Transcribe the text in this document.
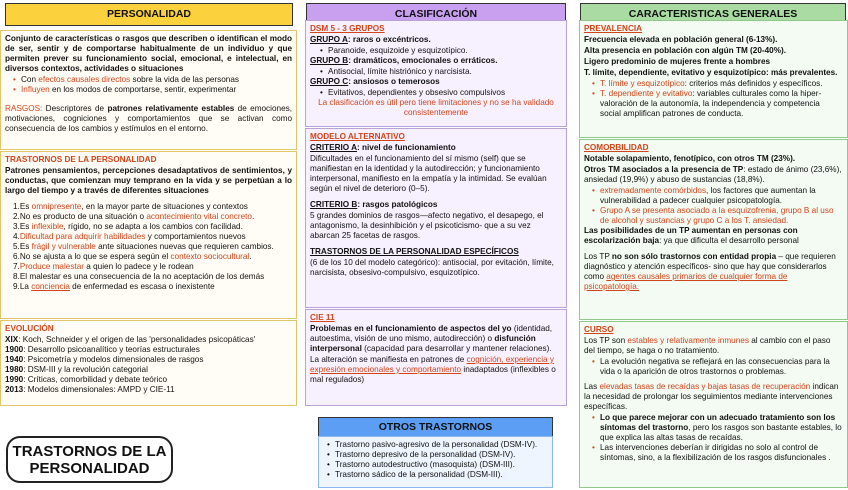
PERSONALIDAD

Conjunto de características o rasgos que describen o identifican el modo de ser, sentir y de comportarse habitualmente de un individuo y que permiten prever su funcionamiento social, emocional, e intelectual, en diversos contextos, actividades o situaciones

• Con efectos causales directos sobre la vida de las personas
• Influyen en los modos de comportarse, sentir, experimentar

RASGOS: Descriptores de patrones relativamente estables de emociones, motivaciones, cogniciones y comportamientos que se activan como consecuencia de los cambios y estímulos en el entorno.

TRASTORNOS DE LA PERSONALIDAD

Patrones pensamientos, percepciones desadaptativos de sentimientos, y conductas, que comienzan muy temprano en la vida y se perpetúan a lo largo del tiempo y a través de diferentes situaciones

1.Es omnipresente, en la mayor parte de situaciones y contextos
2.No es producto de una situación o acontecimiento vital concreto.
3.Es inflexible, rígido, no se adapta a los cambios con facilidad.
4.Dificultad para adquirir habilidades y comportamientos nuevos
5.Es frágil y vulnerable ante situaciones nuevas que requieren cambios.
6.No se ajusta a lo que se espera según el contexto sociocultural.
7.Produce malestar a quien lo padece y le rodean
8.El malestar es una consecuencia de la no aceptación de los demás
9.La conciencia de enfermedad es escasa o inexistente
EVOLUCIÓN
XIX: Koch, Schneider y el origen de las 'personalidades psicopáticas'
1900: Desarrollo psicoanalítico y teorías estructurales
1940: Psicometría y modelos dimensionales de rasgos
1980: DSM-III y la revolución categorial
1990: Críticas, comorbilidad y debate teórico
2013: Modelos dimensionales: AMPD y CIE-11
TRASTORNOS DE LA
PERSONALIDAD
CLASIFICACIÓN
DSM 5 - 3 GRUPOS

GRUPO A: raros o excéntricos.

• Paranoide, esquizoide y esquizotípico.

GRUPO B: dramáticos, emocionales o erráticos.

• Antisocial, límite histriónico y narcisista.

GRUPO C: ansiosos o temerosos

• Evitativos, dependientes y obsesivo compulsivos

La clasificación es útil pero tiene limitaciones y no se ha validado consistentemente

MODELO ALTERNATIVO

CRITERIO A: nivel de funcionamiento

Dificultades en el funcionamiento del sí mismo (self) que se manifiestan en la identidad y la autodirección; y funcionamiento interpersonal, manifiesto en la empatía y la intimidad. Se evalúan según el nivel de deterioro (0–5).

CRITERIO B: rasgos patológicos

5 grandes dominios de rasgos—afecto negativo, el desapego, el antagonismo, la desinhibición y el psicoticismo- que a su vez abarcan 25 facetas de rasgos.

TRASTORNOS DE LA PERSONALIDAD ESPECÍFICOS

(6 de los 10 del modelo categórico): antisocial, por evitación, límite, narcisista, obsesivo-compulsivo, esquizotípico.

CIE 11

Problemas en el funcionamiento de aspectos del yo (identidad, autoestima, visión de uno mismo, autodirección) o disfunción interpersonal (capacidad para desarrollar y mantener relaciones).

La alteración se manifiesta en patrones de cognición, experiencia y expresión emocionales y comportamiento inadaptados (inflexibles o mal regulados)

OTROS TRASTORNOS
• Trastorno pasivo-agresivo de la personalidad (DSM-IV).
• Trastorno depresivo de la personalidad (DSM-IV).
• Trastorno autodestructivo (masoquista) (DSM-III).
• Trastorno sádico de la personalidad (DSM-III).
CARACTERISTICAS GENERALES
PREVALENCIA

Frecuencia elevada en población general (6-13%).

Alta presencia en población con algún TM (20-40%).

Ligero predominio de mujeres frente a hombres

T. límite, dependiente, evitativo y esquizotípico: más prevalentes.

• T. límite y esquizotípico: criterios más definidos y específicos.
• T. dependiente y evitativo: variables culturales como la hiper-valoración de la autonomía, la independencia y competencia social amplifican patrones de conducta.
COMORBILIDAD

Notable solapamiento, fenotípico, con otros TM (23%).

Otros TM asociados a la presencia de TP: estado de ánimo (23,6%), ansiedad (19,9%) y abuso de sustancias (18,8%).

• extremadamente comórbidos, los factores que aumentan la vulnerabilidad a padecer cualquier psicopatología.
• Grupo A se presenta asociado a la esquizofrenia, grupo B al uso de alcohol y sustancias y grupo C a los T. ansiedad.

Las posibilidades de un TP aumentan en personas con escolarización baja: ya que dificulta el desarrollo personal

Los TP no son sólo trastornos con entidad propia – que requieren diagnóstico y atención específicos- sino que hay que considerarlos como agentes causales primarios de cualquier forma de psicopatología.

CURSO

Los TP son estables y relativamente inmunes al cambio con el paso del tiempo, se haga o no tratamiento.

• La evolución negativa se reflejará en las consecuencias para la vida o la aparición de otros trastornos o problemas.

Las elevadas tasas de recaídas y bajas tasas de recuperación indican la necesidad de prolongar los seguimientos mediante intervenciones específicas.

• Lo que parece mejorar con un adecuado tratamiento son los síntomas del trastorno, pero los rasgos son bastante estables, lo que explica las altas tasas de recaídas.
• Las intervenciones deberían ir dirigidas no solo al control de síntomas, sino, a la flexibilización de los rasgos disfuncionales .
